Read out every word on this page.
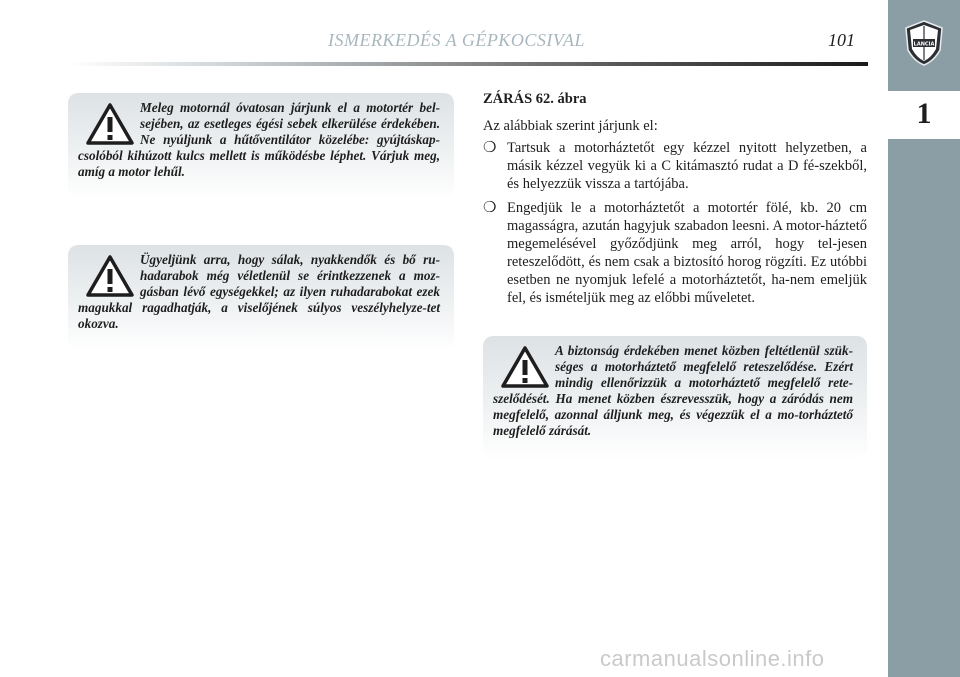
1
LANCIA
ISMERKEDÉS A GÉPKOCSIVAL	101

Meleg motornál óvatosan járjunk el a motortér bel-sejében, az esetleges égési sebek elkerülése érdekében. Ne nyúljunk a hűtőventilátor közelébe: gyújtáskap-csolóból kihúzott kulcs mellett is működésbe léphet. Várjuk meg, amíg a motor lehűl.

Ügyeljünk arra, hogy sálak, nyakkendők és bő ru-hadarabok még véletlenül se érintkezzenek a moz-gásban lévő egységekkel; az ilyen ruhadarabokat ezek magukkal ragadhatják, a viselőjének súlyos veszélyhelyze-tet okozva.

ZÁRÁS 62. ábra
Az alábbiak szerint járjunk el:
❍ Tartsuk a motorháztetőt egy kézzel nyitott helyzetben, a másik kézzel vegyük ki a C kitámasztó rudat a D fé-szekből, és helyezzük vissza a tartójába.
❍ Engedjük le a motorháztetőt a motortér fölé, kb. 20 cm magasságra, azután hagyjuk szabadon leesni. A motor-háztető megemelésével győződjünk meg arról, hogy tel-jesen reteszelődött, és nem csak a biztosító horog rögzíti. Ez utóbbi esetben ne nyomjuk lefelé a motorháztetőt, ha-nem emeljük fel, és ismételjük meg az előbbi műveletet.

A biztonság érdekében menet közben feltétlenül szük-séges a motorháztető megfelelő reteszelődése. Ezért mindig ellenőrizzük a motorháztető megfelelő rete-szelődését. Ha menet közben észrevesszük, hogy a záródás nem megfelelő, azonnal álljunk meg, és végezzük el a mo-torháztető megfelelő zárását.

carmanualsonline.info
